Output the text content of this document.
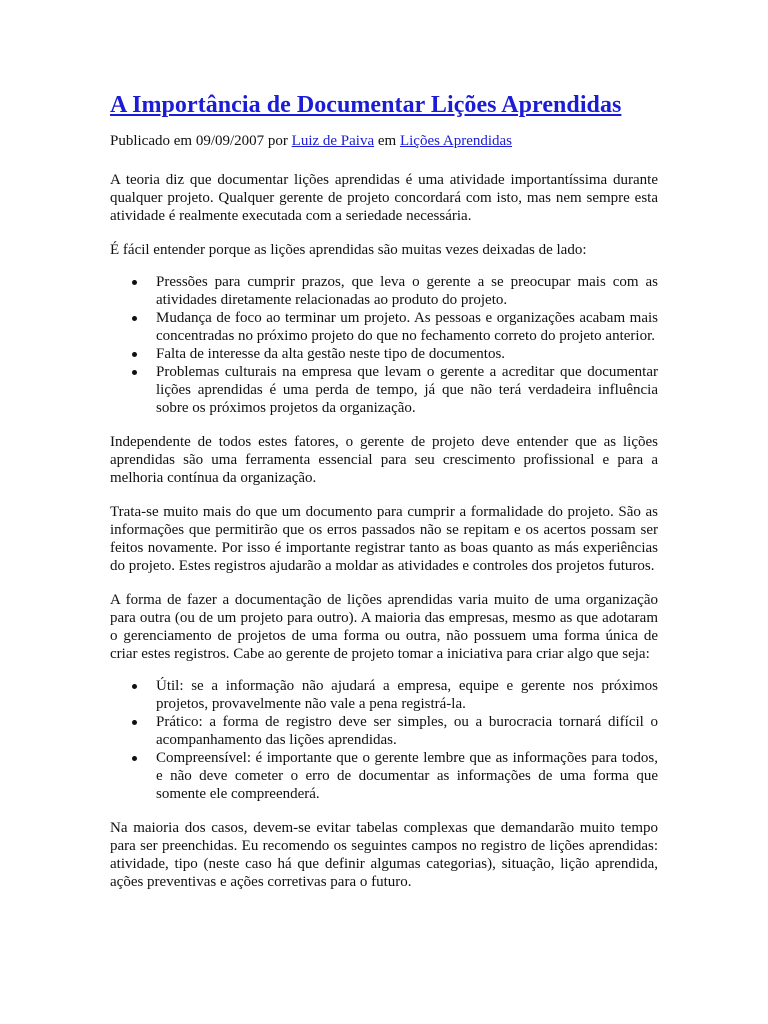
A Importância de Documentar Lições Aprendidas

Publicado em 09/09/2007 por Luiz de Paiva em Lições Aprendidas

A teoria diz que documentar lições aprendidas é uma atividade importantíssima durante qualquer projeto. Qualquer gerente de projeto concordará com isto, mas nem sempre esta atividade é realmente executada com a seriedade necessária.

É fácil entender porque as lições aprendidas são muitas vezes deixadas de lado:

Pressões para cumprir prazos, que leva o gerente a se preocupar mais com as atividades diretamente relacionadas ao produto do projeto.
Mudança de foco ao terminar um projeto. As pessoas e organizações acabam mais concentradas no próximo projeto do que no fechamento correto do projeto anterior.
Falta de interesse da alta gestão neste tipo de documentos.
Problemas culturais na empresa que levam o gerente a acreditar que documentar lições aprendidas é uma perda de tempo, já que não terá verdadeira influência sobre os próximos projetos da organização.

Independente de todos estes fatores, o gerente de projeto deve entender que as lições aprendidas são uma ferramenta essencial para seu crescimento profissional e para a melhoria contínua da organização.

Trata-se muito mais do que um documento para cumprir a formalidade do projeto. São as informações que permitirão que os erros passados não se repitam e os acertos possam ser feitos novamente. Por isso é importante registrar tanto as boas quanto as más experiências do projeto. Estes registros ajudarão a moldar as atividades e controles dos projetos futuros.

A forma de fazer a documentação de lições aprendidas varia muito de uma organização para outra (ou de um projeto para outro). A maioria das empresas, mesmo as que adotaram o gerenciamento de projetos de uma forma ou outra, não possuem uma forma única de criar estes registros. Cabe ao gerente de projeto tomar a iniciativa para criar algo que seja:

Útil: se a informação não ajudará a empresa, equipe e gerente nos próximos projetos, provavelmente não vale a pena registrá-la.
Prático: a forma de registro deve ser simples, ou a burocracia tornará difícil o acompanhamento das lições aprendidas.
Compreensível: é importante que o gerente lembre que as informações para todos, e não deve cometer o erro de documentar as informações de uma forma que somente ele compreenderá.

Na maioria dos casos, devem-se evitar tabelas complexas que demandarão muito tempo para ser preenchidas. Eu recomendo os seguintes campos no registro de lições aprendidas: atividade, tipo (neste caso há que definir algumas categorias), situação, lição aprendida, ações preventivas e ações corretivas para o futuro.
